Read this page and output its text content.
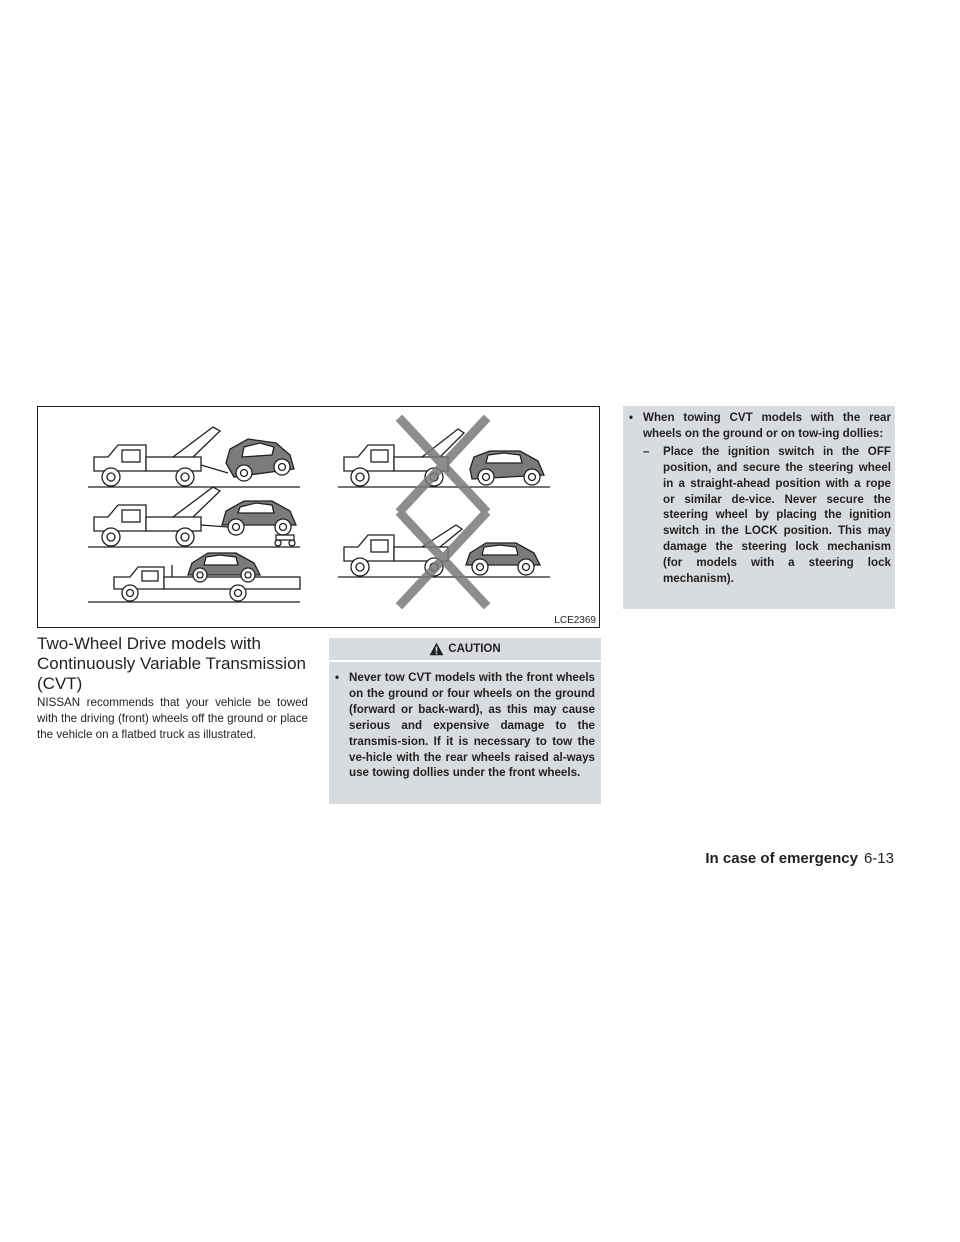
LCE2369
Two-Wheel Drive models with Continuously Variable Transmission (CVT)

NISSAN recommends that your vehicle be towed with the driving (front) wheels off the ground or place the vehicle on a flatbed truck as illustrated.

CAUTION
• Never tow CVT models with the front wheels on the ground or four wheels on the ground (forward or back-ward), as this may cause serious and expensive damage to the transmis-sion. If it is necessary to tow the ve-hicle with the rear wheels raised al-ways use towing dollies under the front wheels.
• When towing CVT models with the rear wheels on the ground or on tow-ing dollies:
–	Place the ignition switch in the OFF position, and secure the steering wheel in a straight-ahead position with a rope or similar de-vice. Never secure the steering wheel by placing the ignition switch in the LOCK position. This may damage the steering lock mechanism (for models with a steering lock mechanism).
In case of emergency 6-13
